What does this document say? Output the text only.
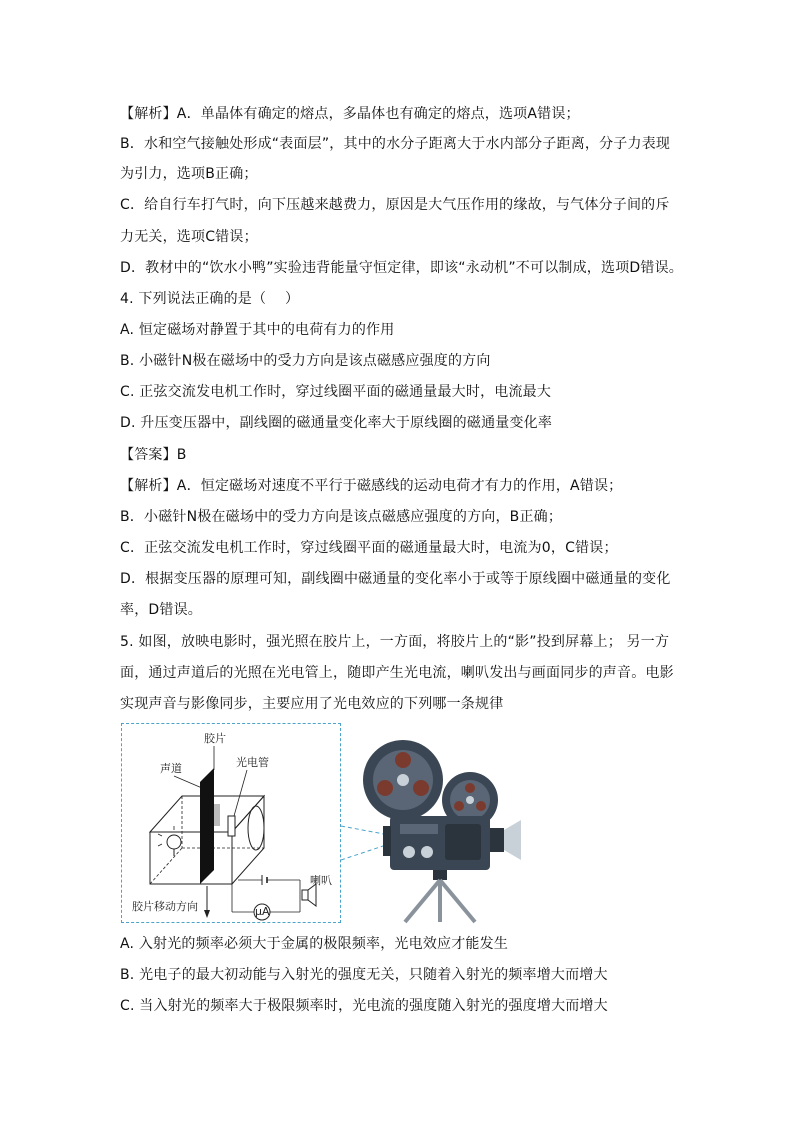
【解析】A．单晶体有确定的熔点，多晶体也有确定的熔点，选项A错误；
B．水和空气接触处形成“表面层”，其中的水分子距离大于水内部分子距离，分子力表现
为引力，选项B正确；
C．给自行车打气时，向下压越来越费力，原因是大气压作用的缘故，与气体分子间的斥
力无关，选项C错误；
D．教材中的“饮水小鸭”实验违背能量守恒定律，即该“永动机”不可以制成，选项D错误。
4. 下列说法正确的是（　 ）
A. 恒定磁场对静置于其中的电荷有力的作用
B. 小磁针N极在磁场中的受力方向是该点磁感应强度的方向
C. 正弦交流发电机工作时，穿过线圈平面的磁通量最大时，电流最大
D. 升压变压器中，副线圈的磁通量变化率大于原线圈的磁通量变化率
【答案】B
【解析】A．恒定磁场对速度不平行于磁感线的运动电荷才有力的作用，A错误；
B．小磁针N极在磁场中的受力方向是该点磁感应强度的方向，B正确；
C．正弦交流发电机工作时，穿过线圈平面的磁通量最大时，电流为0，C错误；
D．根据变压器的原理可知，副线圈中磁通量的变化率小于或等于原线圈中磁通量的变化
率，D错误。
5. 如图，放映电影时，强光照在胶片上，一方面，将胶片上的“影”投到屏幕上； 另一方
面，通过声道后的光照在光电管上，随即产生光电流，喇叭发出与画面同步的声音。电影
实现声音与影像同步，主要应用了光电效应的下列哪一条规律
胶片
声道	光电管
喇叭
胶片移动方向	μA
A. 入射光的频率必须大于金属的极限频率，光电效应才能发生
B. 光电子的最大初动能与入射光的强度无关，只随着入射光的频率增大而增大
C. 当入射光的频率大于极限频率时，光电流的强度随入射光的强度增大而增大
